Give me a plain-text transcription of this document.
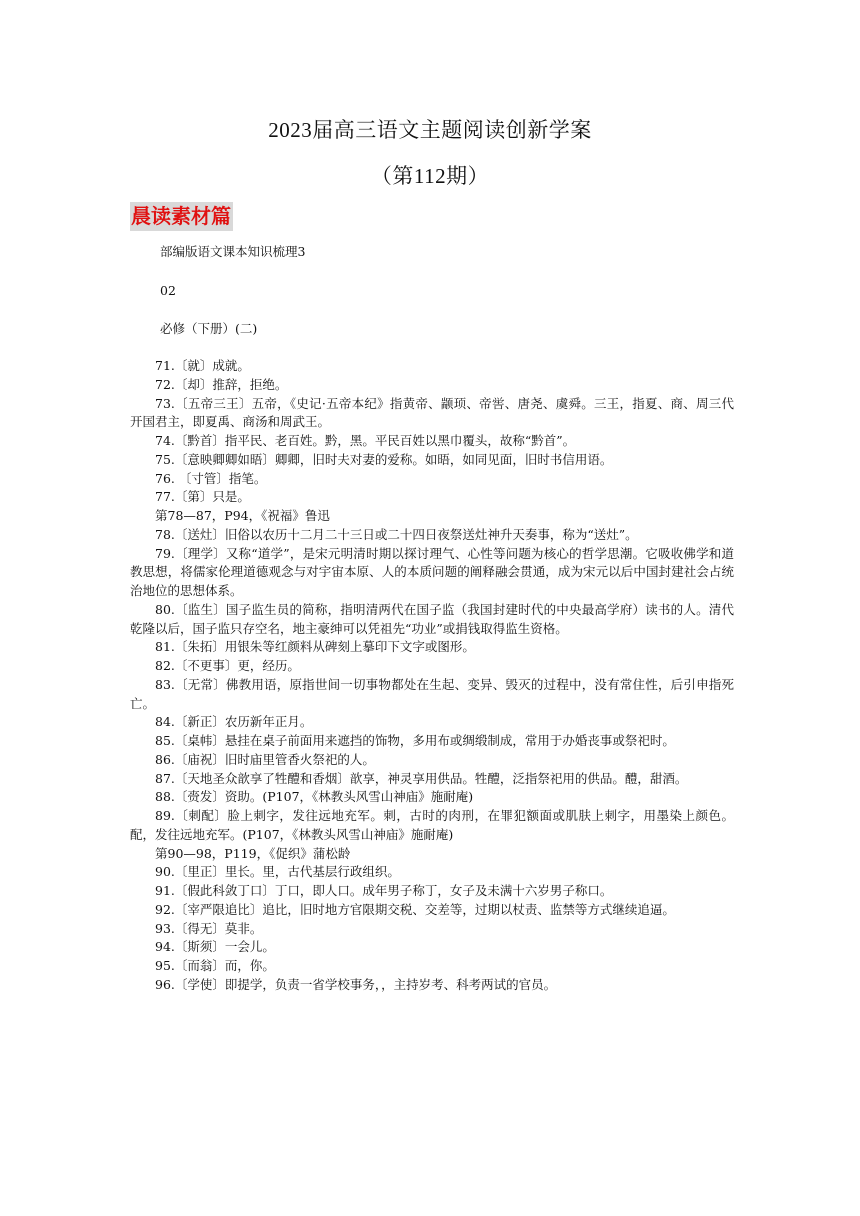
2023届高三语文主题阅读创新学案
（第112期）
晨读素材篇
部编版语文课本知识梳理3
02
必修（下册）(二)

71.〔就〕成就。

72.〔却〕推辞，拒绝。

73.〔五帝三王〕五帝，《史记·五帝本纪》指黄帝、颛顼、帝喾、唐尧、虞舜。三王，指夏、商、周三代开国君主，即夏禹、商汤和周武王。

74.〔黔首〕指平民、老百姓。黔，黑。平民百姓以黑巾覆头，故称“黔首”。

75.〔意映卿卿如晤〕卿卿，旧时夫对妻的爱称。如晤，如同见面，旧时书信用语。

76. 〔寸管〕指笔。

77.〔第〕只是。

第78—87，P94，《祝福》鲁迅

78.〔送灶〕旧俗以农历十二月二十三日或二十四日夜祭送灶神升天奏事，称为“送灶”。

79.〔理学〕又称“道学”，是宋元明清时期以探讨理气、心性等问题为核心的哲学思潮。它吸收佛学和道教思想，将儒家伦理道德观念与对宇宙本原、人的本质问题的阐释融会贯通，成为宋元以后中国封建社会占统治地位的思想体系。

80.〔监生〕国子监生员的简称，指明清两代在国子监（我国封建时代的中央最高学府）读书的人。清代乾隆以后，国子监只存空名，地主豪绅可以凭祖先“功业”或捐钱取得监生资格。

81.〔朱拓〕用银朱等红颜料从碑刻上摹印下文字或图形。

82.〔不更事〕更，经历。

83.〔无常〕佛教用语，原指世间一切事物都处在生起、变异、毁灭的过程中，没有常住性，后引申指死亡。

84.〔新正〕农历新年正月。

85.〔桌帏〕悬挂在桌子前面用来遮挡的饰物，多用布或绸缎制成，常用于办婚丧事或祭祀时。

86.〔庙祝〕旧时庙里管香火祭祀的人。

87.〔天地圣众歆享了牲醴和香烟〕歆享，神灵享用供品。牲醴，泛指祭祀用的供品。醴，甜酒。

88.〔赍发〕资助。(P107，《林教头风雪山神庙》施耐庵)

89.〔刺配〕脸上刺字，发往远地充军。刺，古时的肉刑，在罪犯额面或肌肤上刺字，用墨染上颜色。配，发往远地充军。(P107，《林教头风雪山神庙》施耐庵)

第90—98，P119，《促织》蒲松龄

90.〔里正〕里长。里，古代基层行政组织。

91.〔假此科敛丁口〕丁口，即人口。成年男子称丁，女子及未满十六岁男子称口。

92.〔宰严限追比〕追比，旧时地方官限期交税、交差等，过期以杖责、监禁等方式继续追逼。

93.〔得无〕莫非。

94.〔斯须〕一会儿。

95.〔而翁〕而，你。

96.〔学使〕即提学，负责一省学校事务，，主持岁考、科考两试的官员。
